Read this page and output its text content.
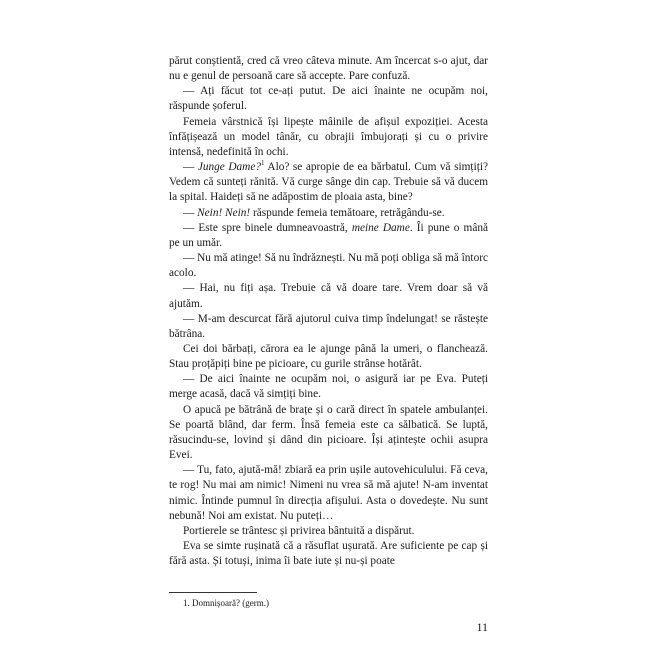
părut conștientă, cred că vreo câteva minute. Am încercat s-o ajut, dar nu e genul de persoană care să accepte. Pare confuză.

— Ați făcut tot ce-ați putut. De aici înainte ne ocupăm noi, răspunde șoferul.

Femeia vârstnică își lipește mâinile de afișul expoziției. Acesta înfățișează un model tânăr, cu obrajii îmbujorați și cu o privire intensă, nedefinită în ochi.

— Junge Dame?$^1$ Alo? se apropie de ea bărbatul. Cum vă simțiți? Vedem că sunteți rănită. Vă curge sânge din cap. Trebuie să vă ducem la spital. Haideți să ne adăpostim de ploaia asta, bine?

— Nein! Nein! răspunde femeia temătoare, retrăgându-se.

— Este spre binele dumneavoastră, meine Dame. Îi pune o mână pe un umăr.

— Nu mă atinge! Să nu îndrăznești. Nu mă poți obliga să mă întorc acolo.

— Hai, nu fiți așa. Trebuie că vă doare tare. Vrem doar să vă ajutăm.

— M-am descurcat fără ajutorul cuiva timp îndelungat! se răstește bătrâna.

Cei doi bărbați, cărora ea le ajunge până la umeri, o flanchează. Stau proțăpiți bine pe picioare, cu gurile strânse hotărât.

— De aici înainte ne ocupăm noi, o asigură iar pe Eva. Puteți merge acasă, dacă vă simțiți bine.

O apucă pe bătrână de brațe și o cară direct în spatele ambulanței. Se poartă blând, dar ferm. Însă femeia este ca sălbatică. Se luptă, răsucindu-se, lovind și dând din picioare. Își ațintește ochii asupra Evei.

— Tu, fato, ajută-mă! zbiară ea prin ușile autovehiculului. Fă ceva, te rog! Nu mai am nimic! Nimeni nu vrea să mă ajute! N-am inventat nimic. Întinde pumnul în direcția afișului. Asta o dovedește. Nu sunt nebună! Noi am existat. Nu puteți…

Portierele se trântesc și privirea bântuită a dispărut.

Eva se simte rușinată că a răsuflat ușurată. Are suficiente pe cap și fără asta. Și totuși, inima îi bate iute și nu-și poate

1. Domnișoară? (germ.)
11
